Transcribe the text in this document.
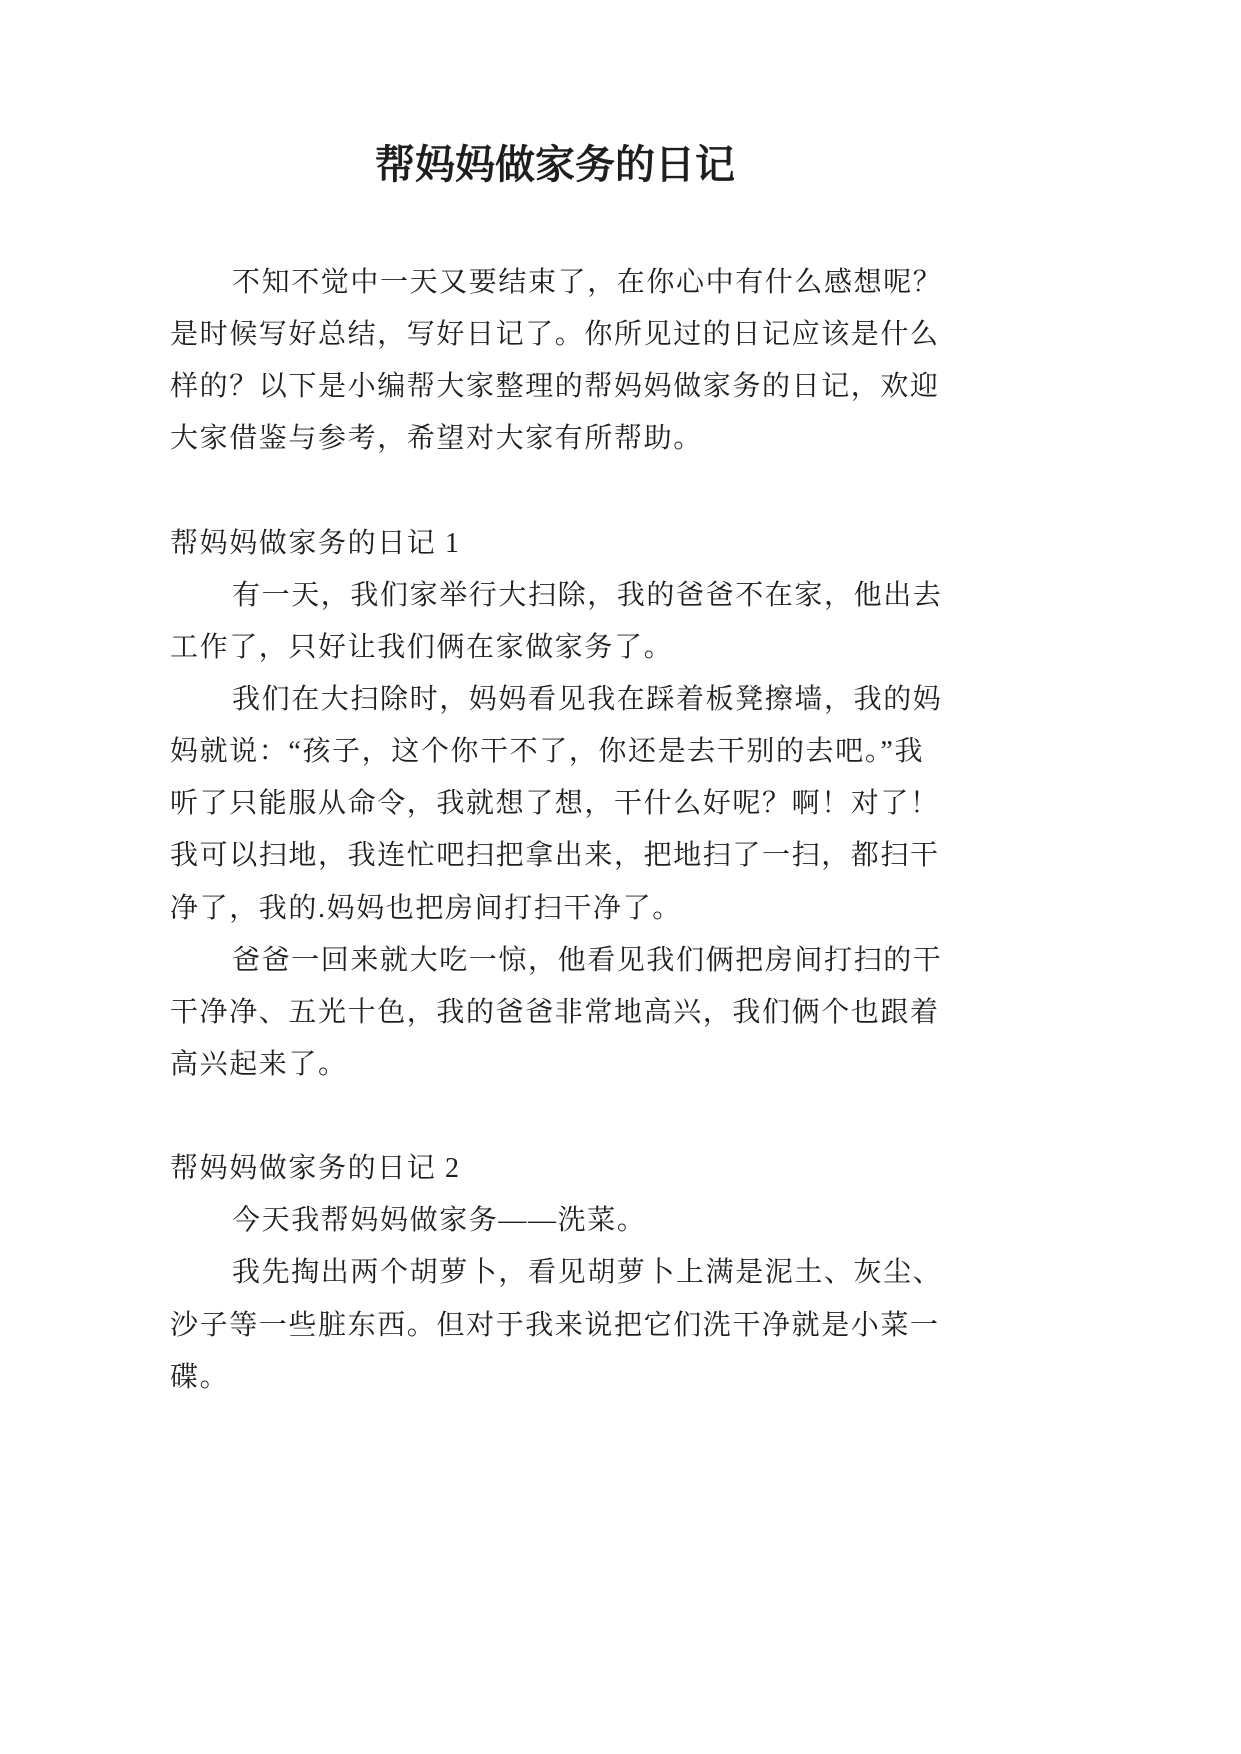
帮妈妈做家务的日记
不知不觉中一天又要结束了，在你心中有什么感想呢？
是时候写好总结，写好日记了。你所见过的日记应该是什么
样的？以下是小编帮大家整理的帮妈妈做家务的日记，欢迎
大家借鉴与参考，希望对大家有所帮助。
帮妈妈做家务的日记 1
有一天，我们家举行大扫除，我的爸爸不在家，他出去
工作了，只好让我们俩在家做家务了。
我们在大扫除时，妈妈看见我在踩着板凳擦墙，我的妈
妈就说：“孩子，这个你干不了，你还是去干别的去吧。”我
听了只能服从命令，我就想了想，干什么好呢？啊！对了！
我可以扫地，我连忙吧扫把拿出来，把地扫了一扫，都扫干
净了，我的.妈妈也把房间打扫干净了。
爸爸一回来就大吃一惊，他看见我们俩把房间打扫的干
干净净、五光十色，我的爸爸非常地高兴，我们俩个也跟着
高兴起来了。
帮妈妈做家务的日记 2
今天我帮妈妈做家务——洗菜。
我先掏出两个胡萝卜，看见胡萝卜上满是泥土、灰尘、
沙子等一些脏东西。但对于我来说把它们洗干净就是小菜一
碟。
